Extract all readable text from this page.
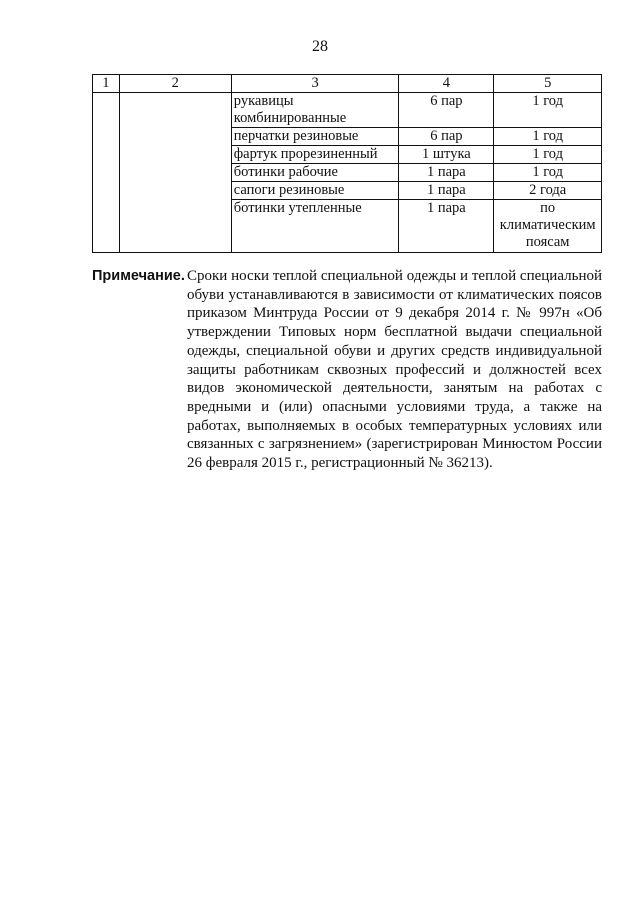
28
1	2	3	4	5
		рукавицы комбинированные	6 пар	1 год
		перчатки резиновые	6 пар	1 год
		фартук прорезиненный	1 штука	1 год
		ботинки рабочие	1 пара	1 год
		сапоги резиновые	1 пара	2 года
		ботинки утепленные	1 пара	по климатическим поясам
Примечание. Сроки носки теплой специальной одежды и теплой специальной обуви устанавливаются в зависимости от климатических поясов приказом Минтруда России от 9 декабря 2014 г. № 997н «Об утверждении Типовых норм бесплатной выдачи специальной одежды, специальной обуви и других средств индивидуальной защиты работникам сквозных профессий и должностей всех видов экономической деятельности, занятым на работах с вредными и (или) опасными условиями труда, а также на работах, выполняемых в особых температурных условиях или связанных с загрязнением» (зарегистрирован Минюстом России 26 февраля 2015 г., регистрационный № 36213).
